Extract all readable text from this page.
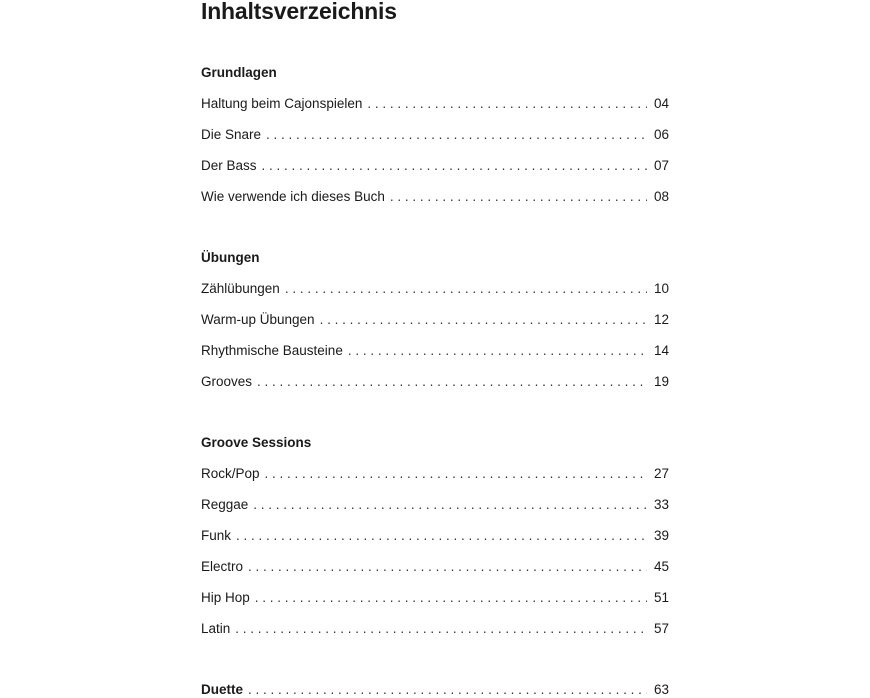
Inhaltsverzeichnis
Grundlagen
Haltung beim Cajonspielen . . .	04
Die Snare . . .	06
Der Bass . . .	07
Wie verwende ich dieses Buch . . .	08
Übungen
Zählübungen . . .	10
Warm-up Übungen . . .	12
Rhythmische Bausteine . . .	14
Grooves . . .	19
Groove Sessions
Rock/Pop . . .	27
Reggae . . .	33
Funk . . .	39
Electro . . .	45
Hip Hop . . .	51
Latin . . .	57
Duette . . .	63
